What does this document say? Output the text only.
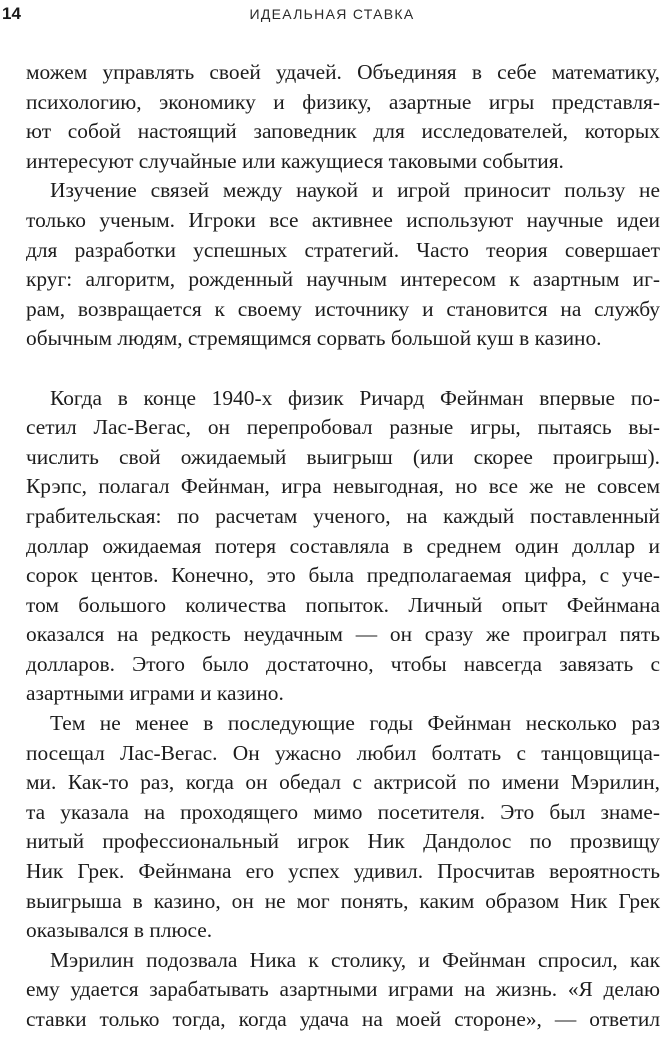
14	ИДЕАЛЬНАЯ СТАВКА
можем управлять своей удачей. Объединяя в себе математику,
психологию, экономику и физику, азартные игры представля-
ют собой настоящий заповедник для исследователей, которых
интересуют случайные или кажущиеся таковыми события.
Изучение связей между наукой и игрой приносит пользу не
только ученым. Игроки все активнее используют научные идеи
для разработки успешных стратегий. Часто теория совершает
круг: алгоритм, рожденный научным интересом к азартным иг-
рам, возвращается к своему источнику и становится на службу
обычным людям, стремящимся сорвать большой куш в казино.
Когда в конце 1940-х физик Ричард Фейнман впервые по-
сетил Лас-Вегас, он перепробовал разные игры, пытаясь вы-
числить свой ожидаемый выигрыш (или скорее проигрыш).
Крэпс, полагал Фейнман, игра невыгодная, но все же не совсем
грабительская: по расчетам ученого, на каждый поставленный
доллар ожидаемая потеря составляла в среднем один доллар и
сорок центов. Конечно, это была предполагаемая цифра, с уче-
том большого количества попыток. Личный опыт Фейнмана
оказался на редкость неудачным — он сразу же проиграл пять
долларов. Этого было достаточно, чтобы навсегда завязать с
азартными играми и казино.
Тем не менее в последующие годы Фейнман несколько раз
посещал Лас-Вегас. Он ужасно любил болтать с танцовщица-
ми. Как-то раз, когда он обедал с актрисой по имени Мэрилин,
та указала на проходящего мимо посетителя. Это был знаме-
нитый профессиональный игрок Ник Дандолос по прозвищу
Ник Грек. Фейнмана его успех удивил. Просчитав вероятность
выигрыша в казино, он не мог понять, каким образом Ник Грек
оказывался в плюсе.
Мэрилин подозвала Ника к столику, и Фейнман спросил, как
ему удается зарабатывать азартными играми на жизнь. «Я делаю
ставки только тогда, когда удача на моей стороне», — ответил
